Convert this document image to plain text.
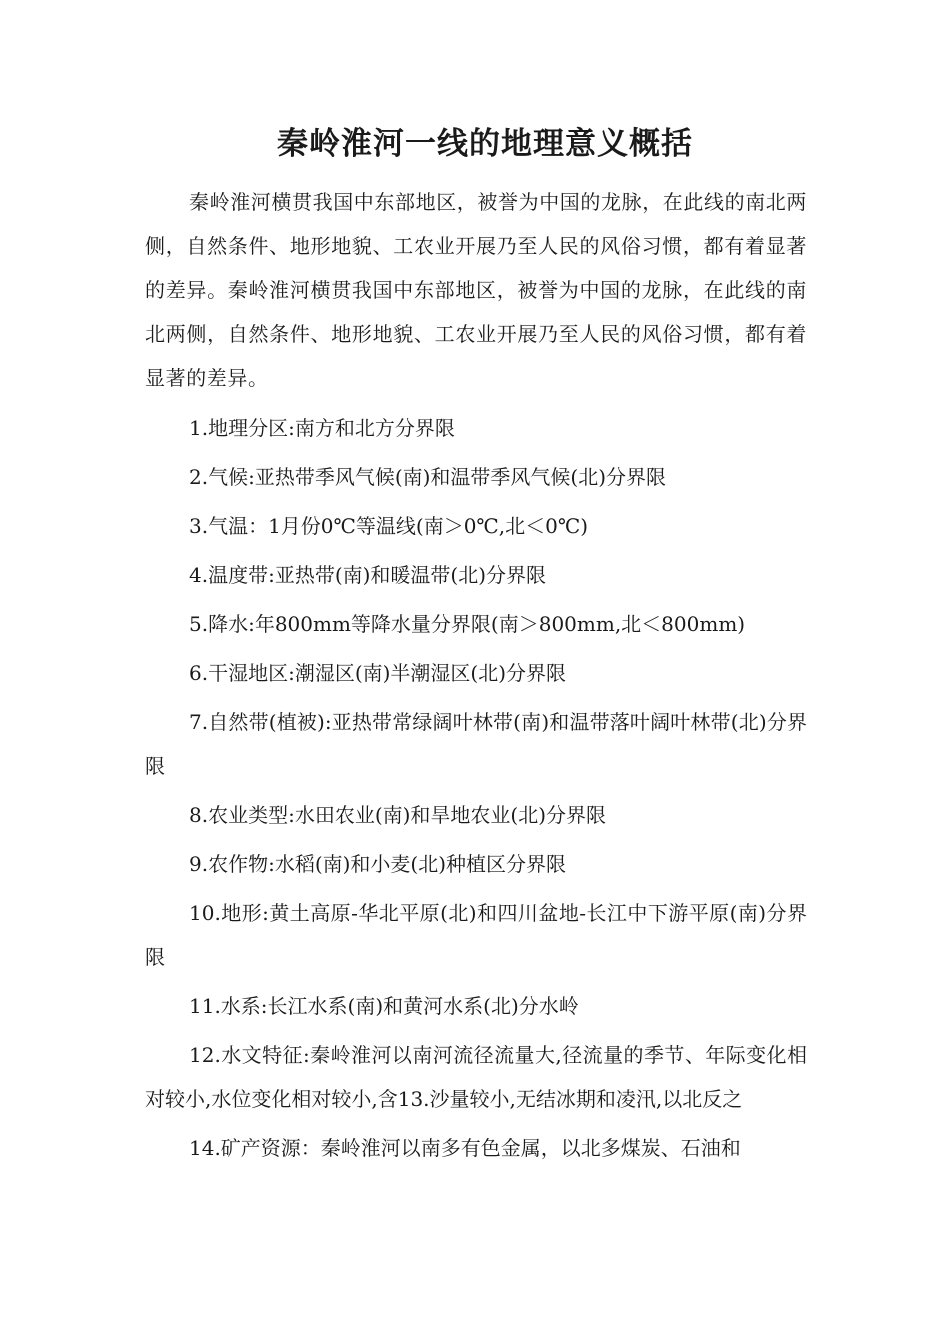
秦岭淮河一线的地理意义概括

秦岭淮河横贯我国中东部地区，被誉为中国的龙脉，在此线的南北两侧，自然条件、地形地貌、工农业开展乃至人民的风俗习惯，都有着显著的差异。秦岭淮河横贯我国中东部地区，被誉为中国的龙脉，在此线的南北两侧，自然条件、地形地貌、工农业开展乃至人民的风俗习惯，都有着显著的差异。

1.地理分区:南方和北方分界限

2.气候:亚热带季风气候(南)和温带季风气候(北)分界限

3.气温：1月份0℃等温线(南＞0℃,北＜0℃)

4.温度带:亚热带(南)和暖温带(北)分界限

5.降水:年800mm等降水量分界限(南＞800mm,北＜800mm)

6.干湿地区:潮湿区(南)半潮湿区(北)分界限

7.自然带(植被):亚热带常绿阔叶林带(南)和温带落叶阔叶林带(北)分界限

8.农业类型:水田农业(南)和旱地农业(北)分界限

9.农作物:水稻(南)和小麦(北)种植区分界限

10.地形:黄土高原-华北平原(北)和四川盆地-长江中下游平原(南)分界限

11.水系:长江水系(南)和黄河水系(北)分水岭

12.水文特征:秦岭淮河以南河流径流量大,径流量的季节、年际变化相对较小,水位变化相对较小,含13.沙量较小,无结冰期和凌汛,以北反之

14.矿产资源：秦岭淮河以南多有色金属，以北多煤炭、石油和
